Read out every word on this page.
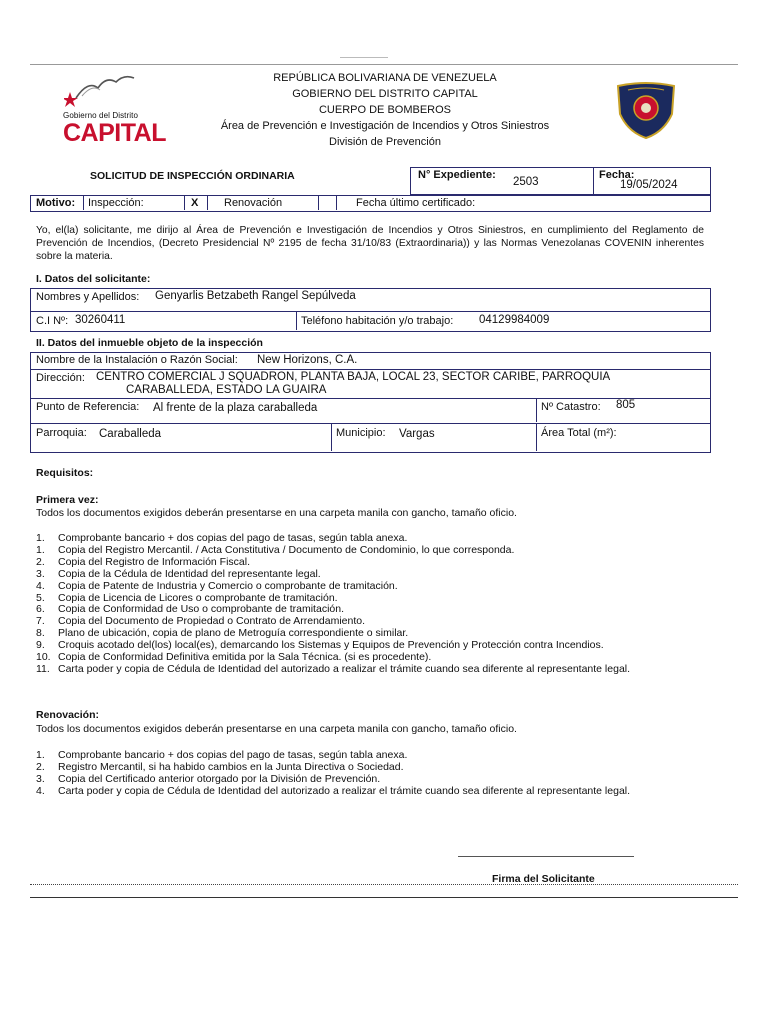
Gobierno del Distrito
CAPITAL
REPÚBLICA BOLIVARIANA DE VENEZUELA
GOBIERNO DEL DISTRITO CAPITAL
CUERPO DE BOMBEROS
Área de Prevención e Investigación de Incendios y Otros Siniestros
División de Prevención
SOLICITUD DE INSPECCIÓN ORDINARIA	N° Expediente:
2503
Fecha:
19/05/2024
Motivo: Inspección:	X Renovación	Fecha último certificado:
Yo, el(la) solicitante, me dirijo al Área de Prevención e Investigación de Incendios y Otros Siniestros, en cumplimiento del Reglamento de Prevención de Incendios, (Decreto Presidencial Nº 2195 de fecha 31/10/83 (Extraordinaria)) y las Normas Venezolanas COVENIN inherentes sobre la materia.
I. Datos del solicitante:
Nombres y Apellidos: Genyarlis Betzabeth Rangel Sepúlveda
C.I Nº: 30260411	Teléfono habitación y/o trabajo: 04129984009
II. Datos del inmueble objeto de la inspección
Nombre de la Instalación o Razón Social: New Horizons, C.A.
Dirección: CENTRO COMERCIAL J SQUADRON, PLANTA BAJA, LOCAL 23, SECTOR CARIBE, PARROQUIA
CARABALLEDA, ESTADO LA GUAIRA
Punto de Referencia: Al frente de la plaza caraballeda	Nº Catastro: 805
Parroquia: Caraballeda	Municipio: Vargas	Área Total (m²):
Requisitos:
Primera vez:
Todos los documentos exigidos deberán presentarse en una carpeta manila con gancho, tamaño oficio.
1. Comprobante bancario + dos copias del pago de tasas, según tabla anexa.
1. Copia del Registro Mercantil. / Acta Constitutiva / Documento de Condominio, lo que corresponda.
2. Copia del Registro de Información Fiscal.
3. Copia de la Cédula de Identidad del representante legal.
4. Copia de Patente de Industria y Comercio o comprobante de tramitación.
5. Copia de Licencia de Licores o comprobante de tramitación.
6. Copia de Conformidad de Uso o comprobante de tramitación.
7. Copia del Documento de Propiedad o Contrato de Arrendamiento.
8. Plano de ubicación, copia de plano de Metroguía correspondiente o similar.
9. Croquis acotado del(los) local(es), demarcando los Sistemas y Equipos de Prevención y Protección contra Incendios.
10. Copia de Conformidad Definitiva emitida por la Sala Técnica. (si es procedente).
11. Carta poder y copia de Cédula de Identidad del autorizado a realizar el trámite cuando sea diferente al representante legal.
Renovación:
Todos los documentos exigidos deberán presentarse en una carpeta manila con gancho, tamaño oficio.
1. Comprobante bancario + dos copias del pago de tasas, según tabla anexa.
2. Registro Mercantil, si ha habido cambios en la Junta Directiva o Sociedad.
3. Copia del Certificado anterior otorgado por la División de Prevención.
4. Carta poder y copia de Cédula de Identidad del autorizado a realizar el trámite cuando sea diferente al representante legal.
Firma del Solicitante
